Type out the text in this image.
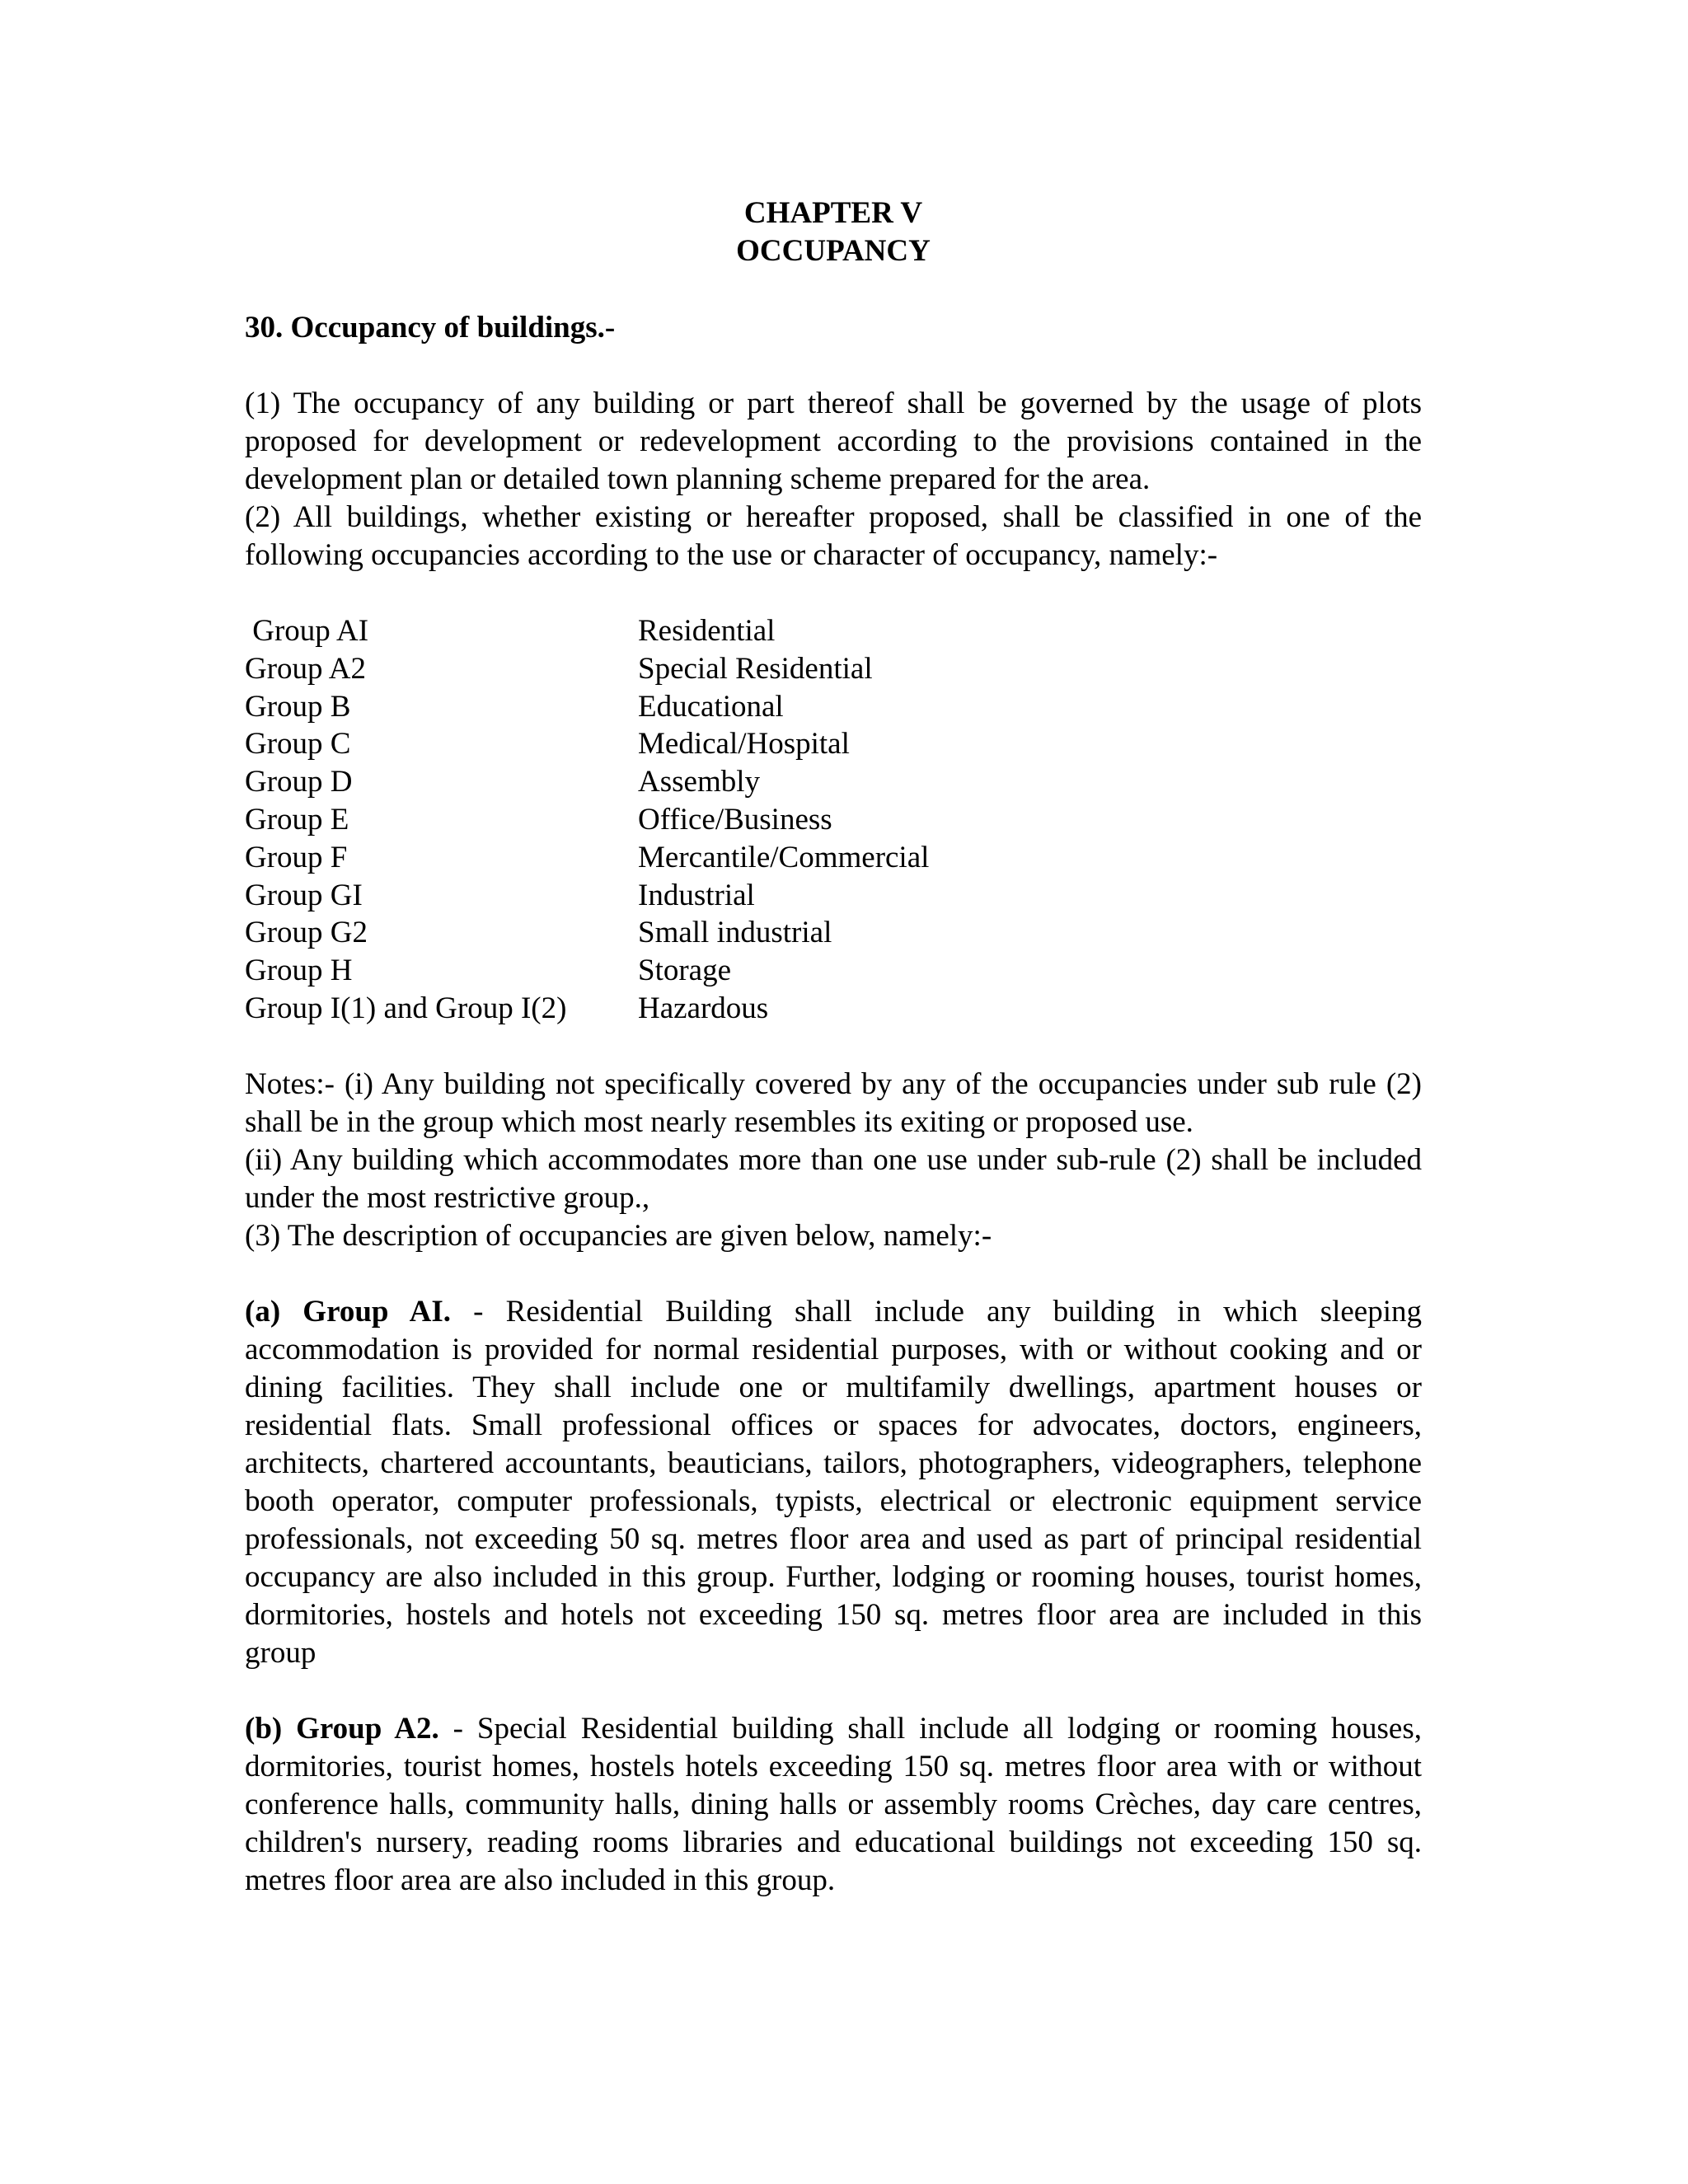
CHAPTER V
OCCUPANCY

30. Occupancy of buildings.-

(1) The occupancy of any building or part thereof shall be governed by the usage of plots proposed for development or redevelopment according to the provisions contained in the development plan or detailed town planning scheme prepared for the area.

(2) All buildings, whether existing or hereafter proposed, shall be classified in one of the following occupancies according to the use or character of occupancy, namely:-

Group AI	Residential
Group A2	Special Residential
Group B	Educational
Group C	Medical/Hospital
Group D	Assembly
Group E	Office/Business
Group F	Mercantile/Commercial
Group GI	Industrial
Group G2	Small industrial
Group H	Storage
Group I(1) and Group I(2)	Hazardous

Notes:- (i) Any building not specifically covered by any of the occupancies under sub rule (2) shall be in the group which most nearly resembles its exiting or proposed use.

(ii) Any building which accommodates more than one use under sub-rule (2) shall be included under the most restrictive group.,

(3) The description of occupancies are given below, namely:-

(a) Group AI. - Residential Building shall include any building in which sleeping accommodation is provided for normal residential purposes, with or without cooking and or dining facilities. They shall include one or multifamily dwellings, apartment houses or residential flats. Small professional offices or spaces for advocates, doctors, engineers, architects, chartered accountants, beauticians, tailors, photographers, videographers, telephone booth operator, computer professionals, typists, electrical or electronic equipment service professionals, not exceeding 50 sq. metres floor area and used as part of principal residential occupancy are also included in this group. Further, lodging or rooming houses, tourist homes, dormitories, hostels and hotels not exceeding 150 sq. metres floor area are included in this group

(b) Group A2. - Special Residential building shall include all lodging or rooming houses, dormitories, tourist homes, hostels hotels exceeding 150 sq. metres floor area with or without conference halls, community halls, dining halls or assembly rooms Crèches, day care centres, children's nursery, reading rooms libraries and educational buildings not exceeding 150 sq. metres floor area are also included in this group.
